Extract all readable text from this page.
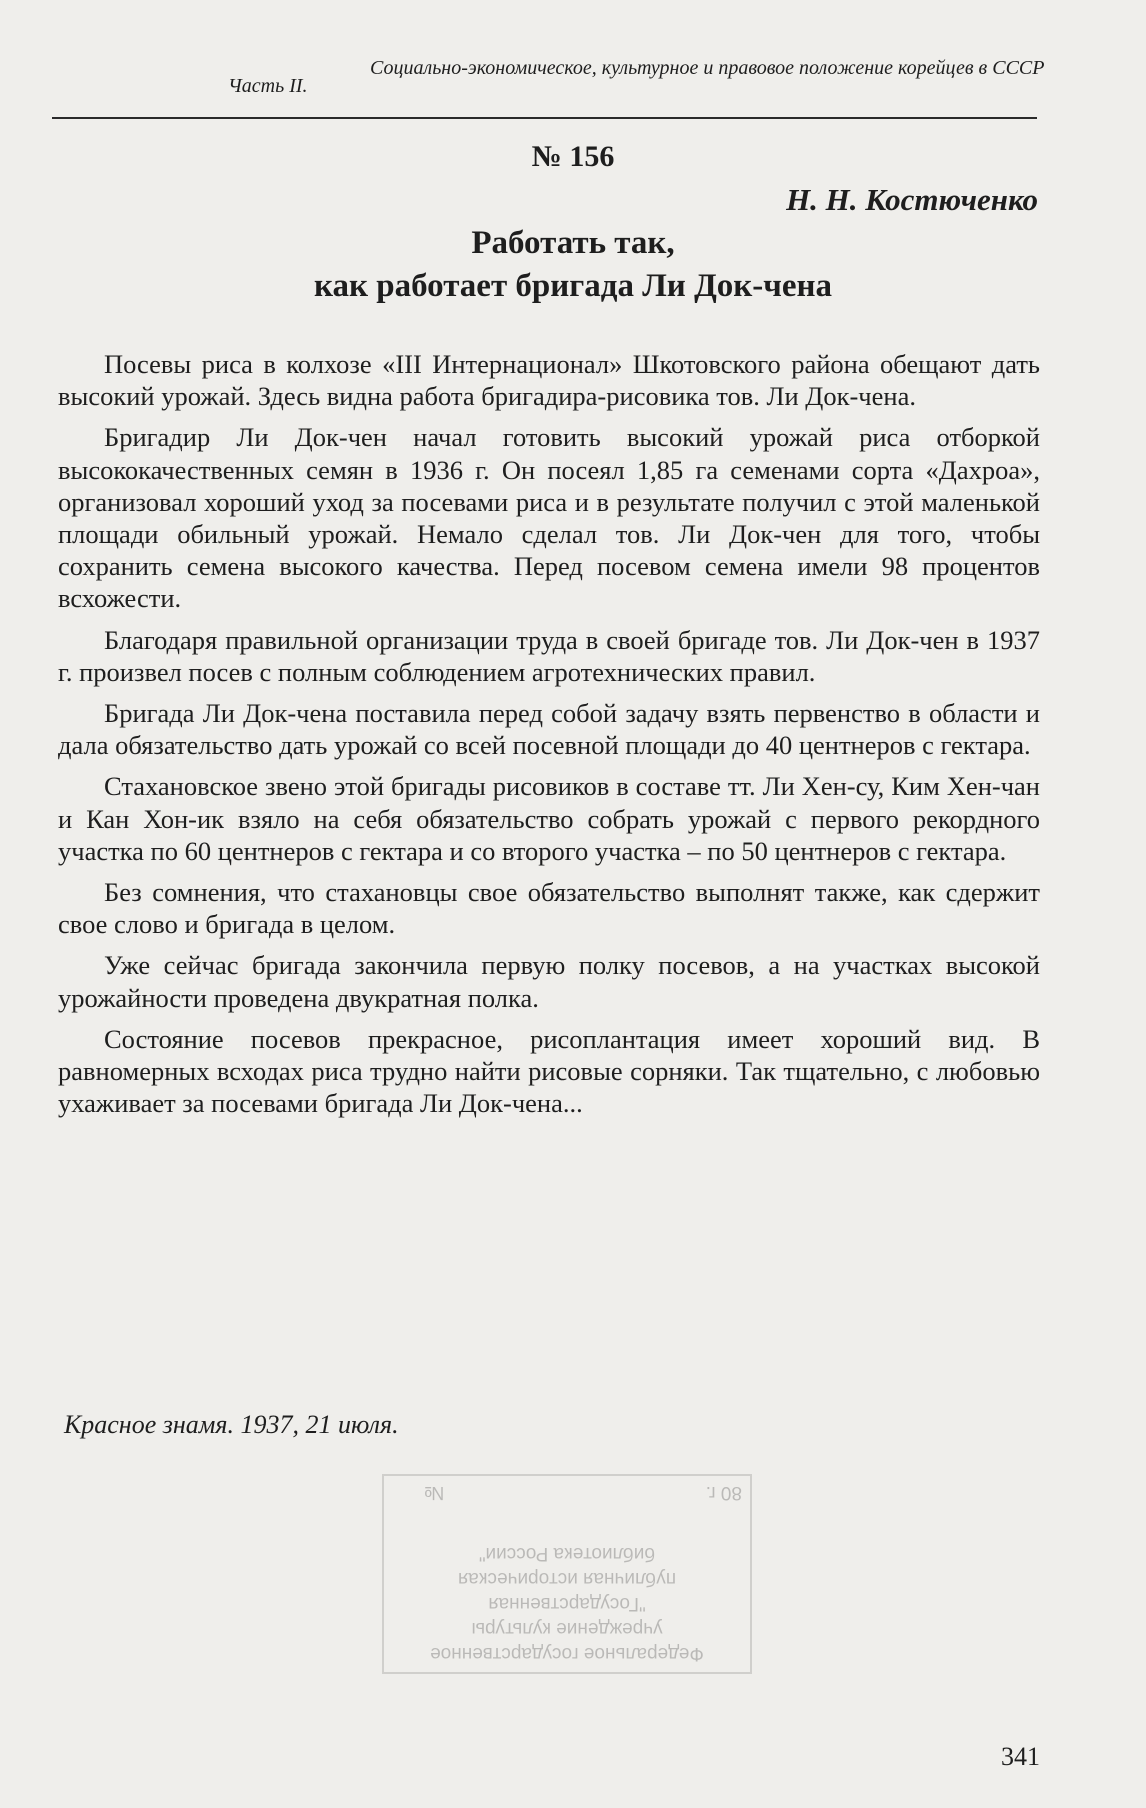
Часть II.
Социально-экономическое, культурное и правовое положение корейцев в СССР
№ 156
Н. Н. Костюченко
Работать так,
как работает бригада Ли Док-чена

Посевы риса в колхозе «III Интернационал» Шкотовского района обещают дать высокий урожай. Здесь видна работа бригадира-рисовика тов. Ли Док-чена.

Бригадир Ли Док-чен начал готовить высокий урожай риса отборкой высококачественных семян в 1936 г. Он посеял 1,85 га семенами сорта «Дахроа», организовал хороший уход за посевами риса и в результате получил с этой маленькой площади обильный урожай. Немало сделал тов. Ли Док-чен для того, чтобы сохранить семена высокого качества. Перед посевом семена имели 98 процентов всхожести.

Благодаря правильной организации труда в своей бригаде тов. Ли Док-чен в 1937 г. произвел посев с полным соблюдением агротехнических правил.

Бригада Ли Док-чена поставила перед собой задачу взять первенство в области и дала обязательство дать урожай со всей посевной площади до 40 центнеров с гектара.

Стахановское звено этой бригады рисовиков в составе тт. Ли Хен-су, Ким Хен-чан и Кан Хон-ик взяло на себя обязательство собрать урожай с первого рекордного участка по 60 центнеров с гектара и со второго участка – по 50 центнеров с гектара.

Без сомнения, что стахановцы свое обязательство выполнят также, как сдержит свое слово и бригада в целом.

Уже сейчас бригада закончила первую полку посевов, а на участках высокой урожайности проведена двукратная полка.

Состояние посевов прекрасное, рисоплантация имеет хороший вид. В равномерных всходах риса трудно найти рисовые сорняки. Так тщательно, с любовью ухаживает за посевами бригада Ли Док-чена...

Красное знамя. 1937, 21 июля.
Федеральное государственное
учреждение культуры
"Государственная
публичная историческая
библиотека России"
80 г.
№
341
